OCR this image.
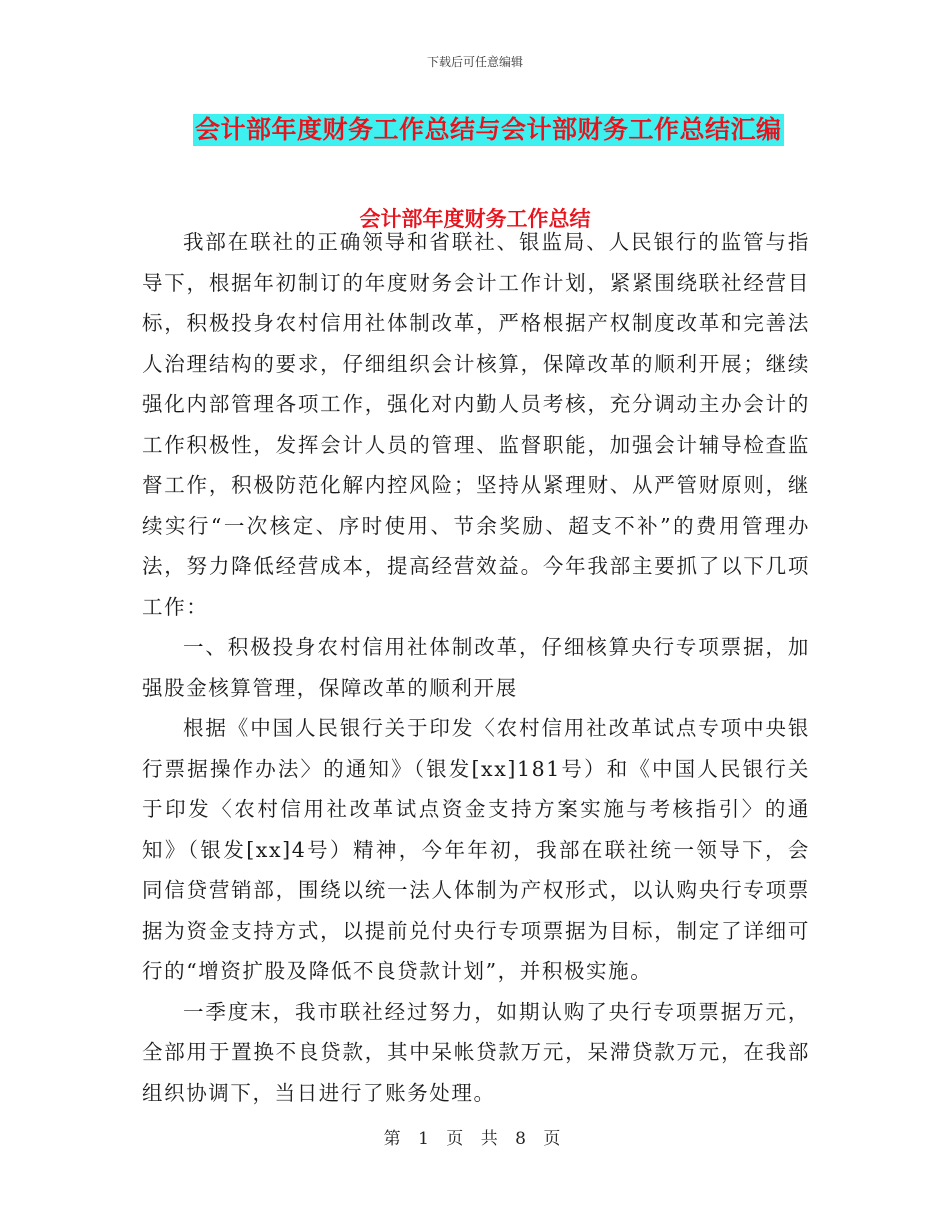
下载后可任意编辑
会计部年度财务工作总结与会计部财务工作总结汇编
会计部年度财务工作总结

我部在联社的正确领导和省联社、银监局、人民银行的监管与指导下，根据年初制订的年度财务会计工作计划，紧紧围绕联社经营目标，积极投身农村信用社体制改革，严格根据产权制度改革和完善法人治理结构的要求，仔细组织会计核算，保障改革的顺利开展；继续强化内部管理各项工作，强化对内勤人员考核，充分调动主办会计的工作积极性，发挥会计人员的管理、监督职能，加强会计辅导检查监督工作，积极防范化解内控风险；坚持从紧理财、从严管财原则，继续实行“一次核定、序时使用、节余奖励、超支不补”的费用管理办法，努力降低经营成本，提高经营效益。今年我部主要抓了以下几项工作：

一、积极投身农村信用社体制改革，仔细核算央行专项票据，加强股金核算管理，保障改革的顺利开展

根据《中国人民银行关于印发〈农村信用社改革试点专项中央银行票据操作办法〉的通知》（银发[xx]181号）和《中国人民银行关于印发〈农村信用社改革试点资金支持方案实施与考核指引〉的通知》（银发[xx]4号）精神，今年年初，我部在联社统一领导下，会同信贷营销部，围绕以统一法人体制为产权形式，以认购央行专项票据为资金支持方式，以提前兑付央行专项票据为目标，制定了详细可行的“增资扩股及降低不良贷款计划”，并积极实施。

一季度末，我市联社经过努力，如期认购了央行专项票据万元，全部用于置换不良贷款，其中呆帐贷款万元，呆滞贷款万元，在我部组织协调下，当日进行了账务处理。

第 1 页 共 8 页
